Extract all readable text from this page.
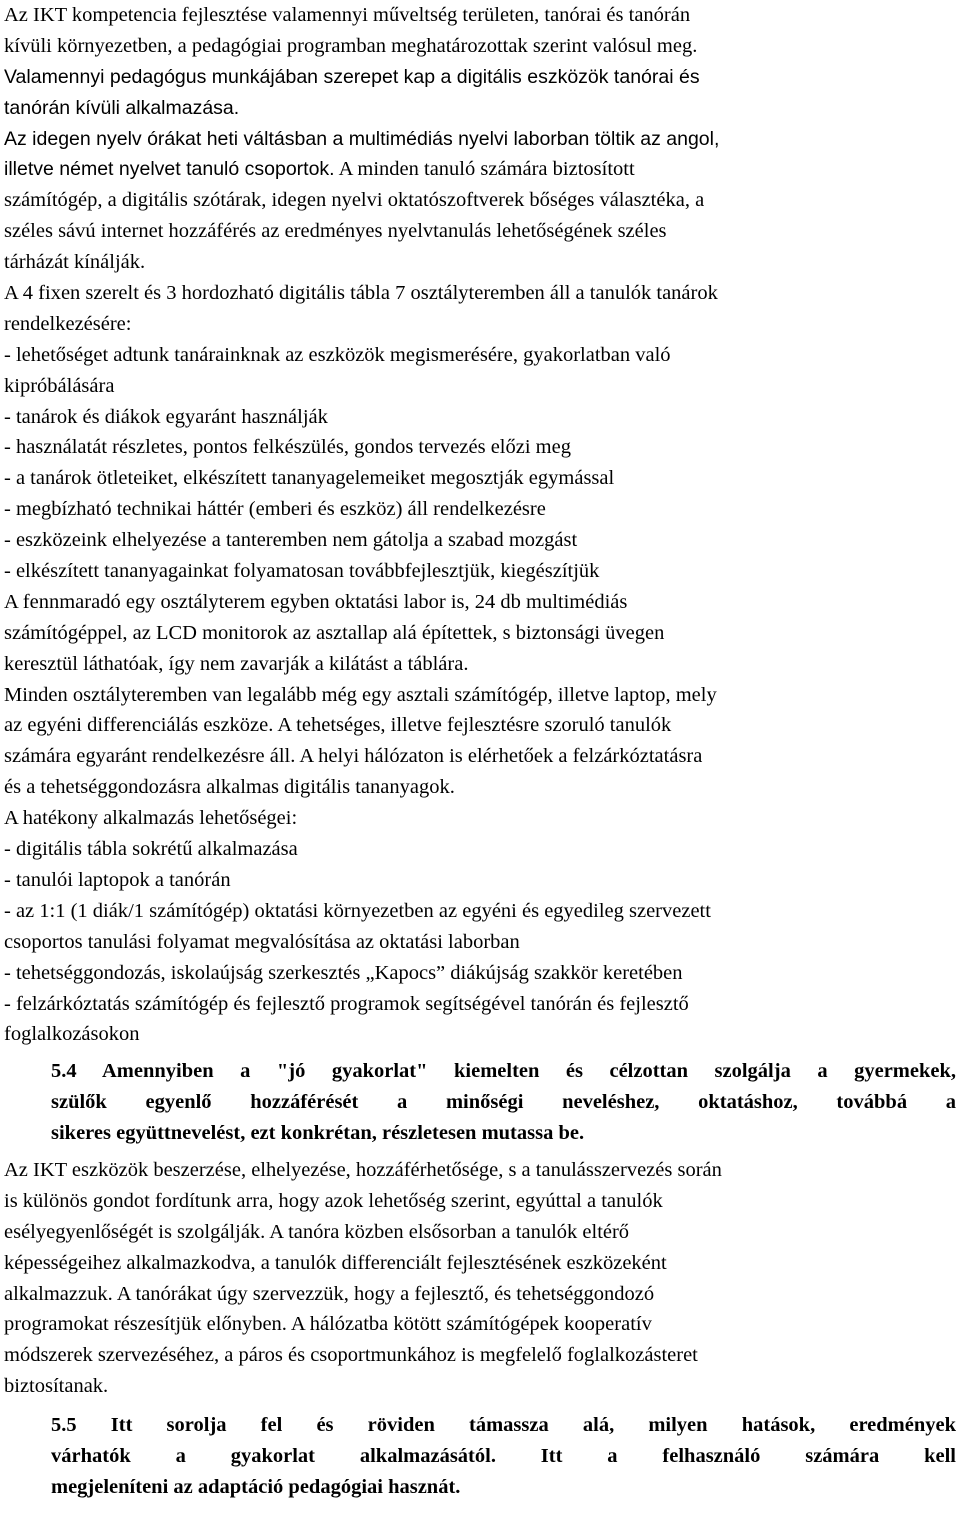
Az IKT kompetencia fejlesztése valamennyi műveltség területen, tanórai és tanórán
kívüli környezetben, a pedagógiai programban meghatározottak szerint valósul meg.
Valamennyi pedagógus munkájában szerepet kap a digitális eszközök tanórai és
tanórán kívüli alkalmazása.
Az idegen nyelv órákat heti váltásban a multimédiás nyelvi laborban töltik az angol,
illetve német nyelvet tanuló csoportok. A minden tanuló számára biztosított
számítógép, a digitális szótárak, idegen nyelvi oktatószoftverek bőséges választéka, a
széles sávú internet hozzáférés az eredményes nyelvtanulás lehetőségének széles
tárházát kínálják.
A 4 fixen szerelt és 3 hordozható digitális tábla 7 osztályteremben áll a tanulók tanárok
rendelkezésére:
- lehetőséget adtunk tanárainknak az eszközök megismerésére, gyakorlatban való
kipróbálására
- tanárok és diákok egyaránt használják
- használatát részletes, pontos felkészülés, gondos tervezés előzi meg
- a tanárok ötleteiket, elkészített tananyagelemeiket megosztják egymással
- megbízható technikai háttér (emberi és eszköz) áll rendelkezésre
- eszközeink elhelyezése a tanteremben nem gátolja a szabad mozgást
- elkészített tananyagainkat folyamatosan továbbfejlesztjük, kiegészítjük
A fennmaradó egy osztályterem egyben oktatási labor is, 24 db multimédiás
számítógéppel, az LCD monitorok az asztallap alá építettek, s biztonsági üvegen
keresztül láthatóak, így nem zavarják a kilátást a táblára.
Minden osztályteremben van legalább még egy asztali számítógép, illetve laptop, mely
az egyéni differenciálás eszköze. A tehetséges, illetve fejlesztésre szoruló tanulók
számára egyaránt rendelkezésre áll. A helyi hálózaton is elérhetőek a felzárkóztatásra
és a tehetséggondozásra alkalmas digitális tananyagok.
A hatékony alkalmazás lehetőségei:
- digitális tábla sokrétű alkalmazása
- tanulói laptopok a tanórán
- az 1:1 (1 diák/1 számítógép) oktatási környezetben az egyéni és egyedileg szervezett
csoportos tanulási folyamat megvalósítása az oktatási laborban
- tehetséggondozás, iskolaújság szerkesztés „Kapocs” diákújság szakkör keretében
- felzárkóztatás számítógép és fejlesztő programok segítségével tanórán és fejlesztő
foglalkozásokon
5.4 Amennyiben a "jó gyakorlat" kiemelten és célzottan szolgálja a gyermekek,
szülők egyenlő hozzáférését a minőségi neveléshez, oktatáshoz, továbbá a
sikeres együttnevelést, ezt konkrétan, részletesen mutassa be.
Az IKT eszközök beszerzése, elhelyezése, hozzáférhetősége, s a tanulásszervezés során
is különös gondot fordítunk arra, hogy azok lehetőség szerint, egyúttal a tanulók
esélyegyenlőségét is szolgálják. A tanóra közben elsősorban a tanulók eltérő
képességeihez alkalmazkodva, a tanulók differenciált fejlesztésének eszközeként
alkalmazzuk. A tanórákat úgy szervezzük, hogy a fejlesztő, és tehetséggondozó
programokat részesítjük előnyben. A hálózatba kötött számítógépek kooperatív
módszerek szervezéséhez, a páros és csoportmunkához is megfelelő foglalkozásteret
biztosítanak.
5.5 Itt sorolja fel és röviden támassza alá, milyen hatások, eredmények
várhatók a gyakorlat alkalmazásától. Itt a felhasználó számára kell
megjeleníteni az adaptáció pedagógiai hasznát.
